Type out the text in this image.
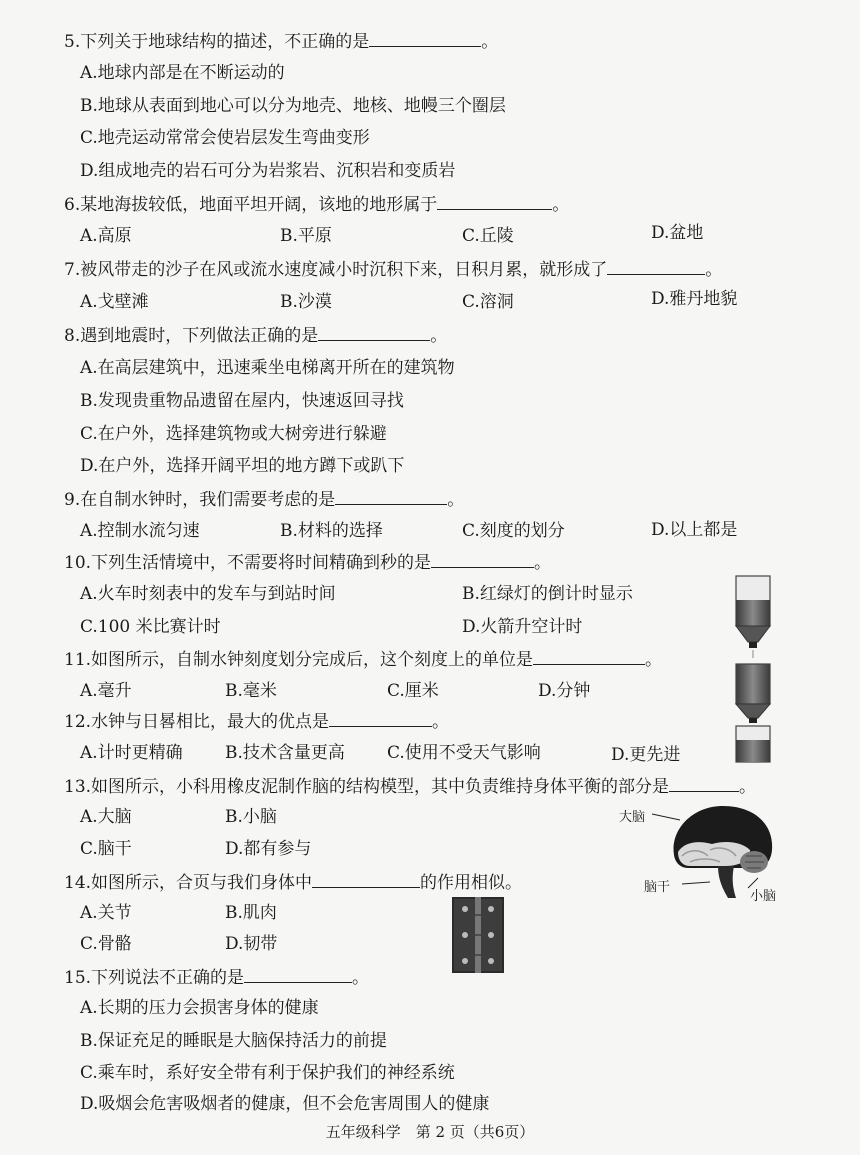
5.下列关于地球结构的描述，不正确的是	。
A.地球内部是在不断运动的
B.地球从表面到地心可以分为地壳、地核、地幔三个圈层
C.地壳运动常常会使岩层发生弯曲变形
D.组成地壳的岩石可分为岩浆岩、沉积岩和变质岩
6.某地海拔较低，地面平坦开阔，该地的地形属于	。
A.高原	B.平原	C.丘陵	D.盆地
7.被风带走的沙子在风或流水速度减小时沉积下来，日积月累，就形成了	。
A.戈壁滩	B.沙漠	C.溶洞	D.雅丹地貌
8.遇到地震时，下列做法正确的是	。
A.在高层建筑中，迅速乘坐电梯离开所在的建筑物
B.发现贵重物品遗留在屋内，快速返回寻找
C.在户外，选择建筑物或大树旁进行躲避
D.在户外，选择开阔平坦的地方蹲下或趴下
9.在自制水钟时，我们需要考虑的是	。
A.控制水流匀速	B.材料的选择	C.刻度的划分	D.以上都是
10.下列生活情境中，不需要将时间精确到秒的是	。
A.火车时刻表中的发车与到站时间	B.红绿灯的倒计时显示
C.100 米比赛计时	D.火箭升空计时
11.如图所示，自制水钟刻度划分完成后，这个刻度上的单位是	。
A.毫升	B.毫米	C.厘米	D.分钟
12.水钟与日晷相比，最大的优点是	。
A.计时更精确 B.技术含量更高 C.使用不受天气影响	D.更先进
13.如图所示，小科用橡皮泥制作脑的结构模型，其中负责维持身体平衡的部分是	。
A.大脑	B.小脑
C.脑干	D.都有参与
14.如图所示，合页与我们身体中	的作用相似。
A.关节	B.肌肉
C.骨骼	D.韧带
15.下列说法不正确的是	。
A.长期的压力会损害身体的健康
B.保证充足的睡眠是大脑保持活力的前提
C.乘车时，系好安全带有利于保护我们的神经系统
D.吸烟会危害吸烟者的健康，但不会危害周围人的健康
大脑
脑干
小脑
五年级科学　第 2 页（共6页）
